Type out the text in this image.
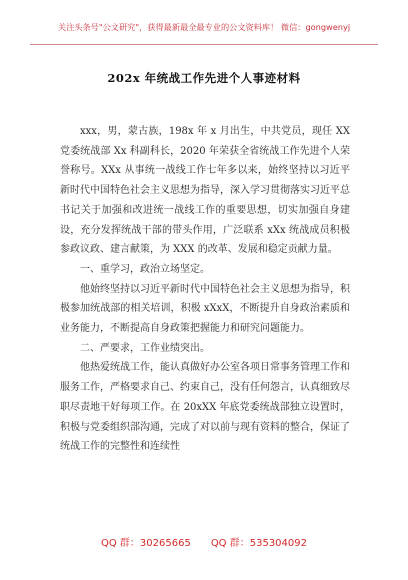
关注头条号"公文研究"，获得最新最全最专业的公文资料库！ 微信：gongwenyj
202x 年统战工作先进个人事迹材料

xxx，男，蒙古族，198x 年 x 月出生，中共党员，现任 XX 党委统战部 Xx 科副科长，2020 年荣获全省统战工作先进个人荣誉称号。XXx 从事统一战线工作七年多以来，始终坚持以习近平新时代中国特色社会主义思想为指导，深入学习贯彻落实习近平总书记关于加强和改进统一战线工作的重要思想，切实加强自身建设，充分发挥统战干部的带头作用，广泛联系 xXx 统战成员积极参政议政、建言献策，为 XXX 的改革、发展和稳定贡献力量。

一、重学习，政治立场坚定。

他始终坚持以习近平新时代中国特色社会主义思想为指导，积极参加统战部的相关培训，积极 xXxX，不断提升自身政治素质和业务能力，不断提高自身政策把握能力和研究问题能力。

二、严要求，工作业绩突出。

他热爱统战工作，能认真做好办公室各项日常事务管理工作和服务工作，严格要求自己、约束自己，没有任何怨言，认真细致尽职尽责地干好每项工作。在 20xXX 年底党委统战部独立设置时，积极与党委组织部沟通，完成了对以前与现有资料的整合，保证了统战工作的完整性和连续性

QQ 群：30265665 QQ 群：535304092
